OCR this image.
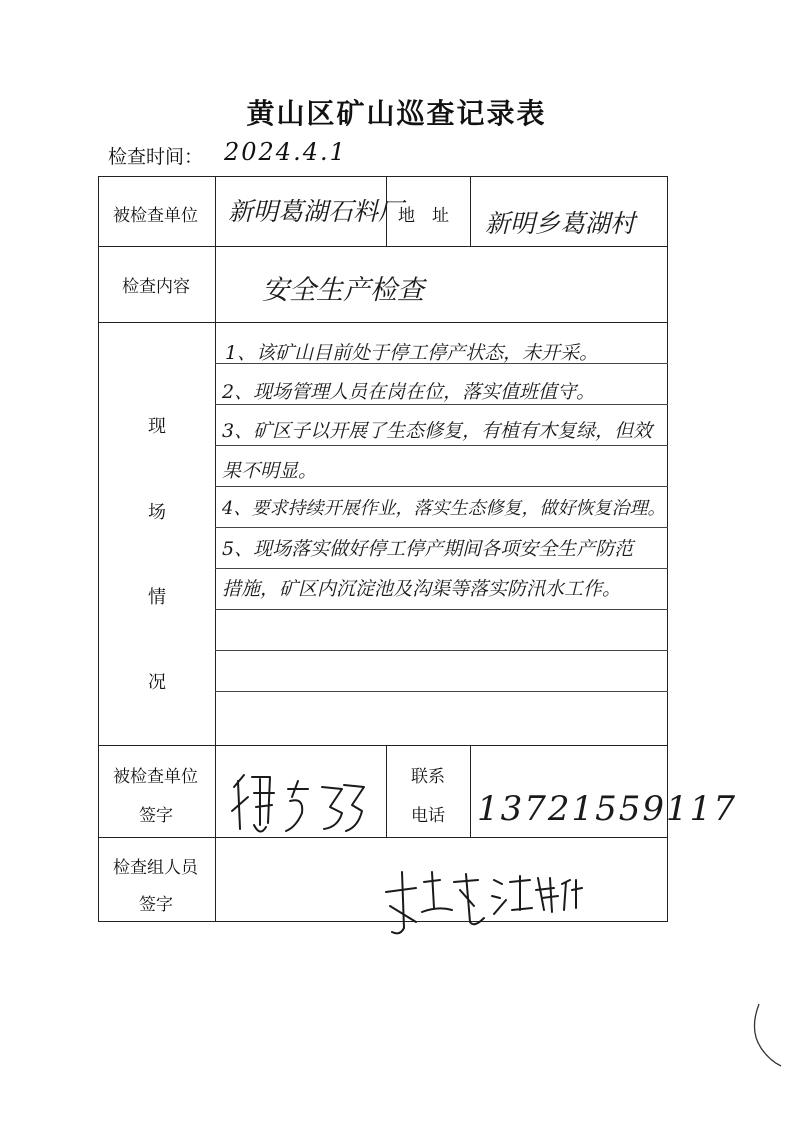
黄山区矿山巡查记录表
检查时间： 2024.4.1
被检查单位 新明葛湖石料厂
地　址 新明乡葛湖村
检查内容	安全生产检查
现
场
情
况
1、该矿山目前处于停工停产状态，未开采。
2、现场管理人员在岗在位，落实值班值守。
3、矿区子以开展了生态修复，有植有木复绿，但效
果不明显。
4、要求持续开展作业，落实生态修复，做好恢复治理。
5、现场落实做好停工停产期间各项安全生产防范
措施，矿区内沉淀池及沟渠等落实防汛水工作。
被检查单位
签字
联系
电话 13721559117
检查组人员
签字
